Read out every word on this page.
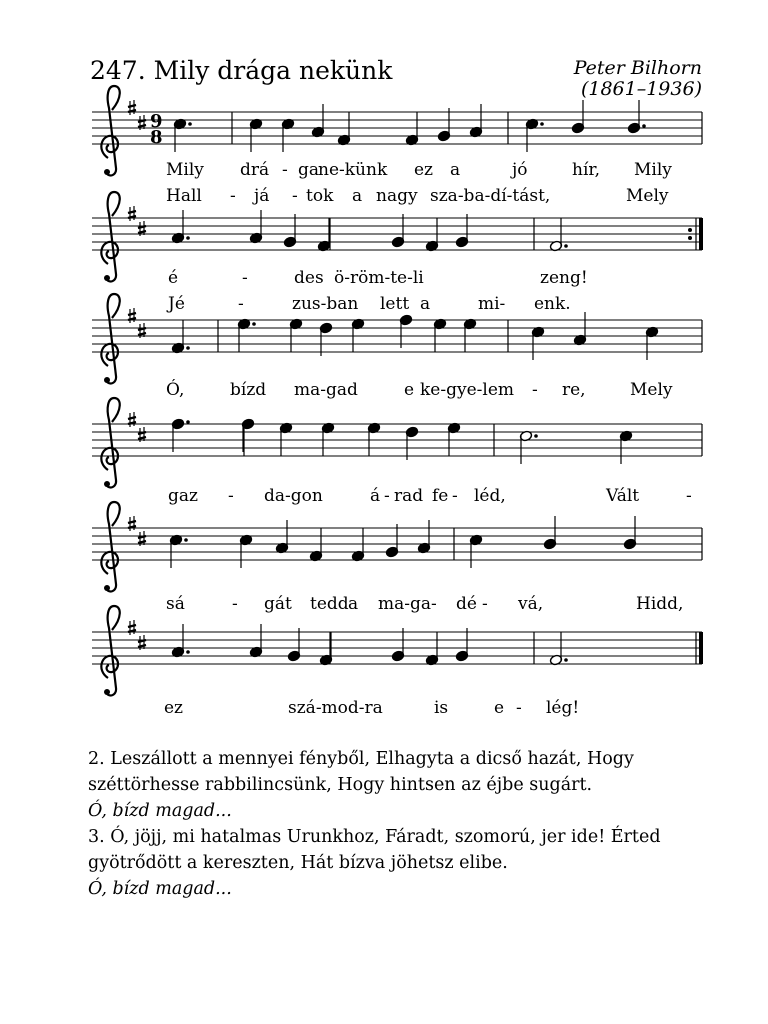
247. Mily drága nekünk	Peter Bilhorn
(1861–1936)
9
8
Mily drá - ga
ne-künk ez a	jó	hír, Mily
Hall - já - tok a nagy sza-ba-dí-tást,	Mely
é	-	des ö-röm-te-li	zeng!
Jé	-	zus-ban lett a	mi- enk.
Ó,	bízd ma-gad	e ke-gye-lem - re,	Mely
gaz - da-gon	á - rad fe - léd,	Vált	-
sá	- gát tedd a ma-ga- dé - vá,	Hidd,
ez	szá-mod-ra	is	e - lég!

2. Leszállott a mennyei fényből, Elhagyta a dicső hazát, Hogy

széttörhesse rabbilincsünk, Hogy hintsen az éjbe sugárt.

Ó, bízd magad...

3. Ó, jöjj, mi hatalmas Urunkhoz, Fáradt, szomorú, jer ide! Érted

gyötrődött a kereszten, Hát bízva jöhetsz elibe.

Ó, bízd magad...
